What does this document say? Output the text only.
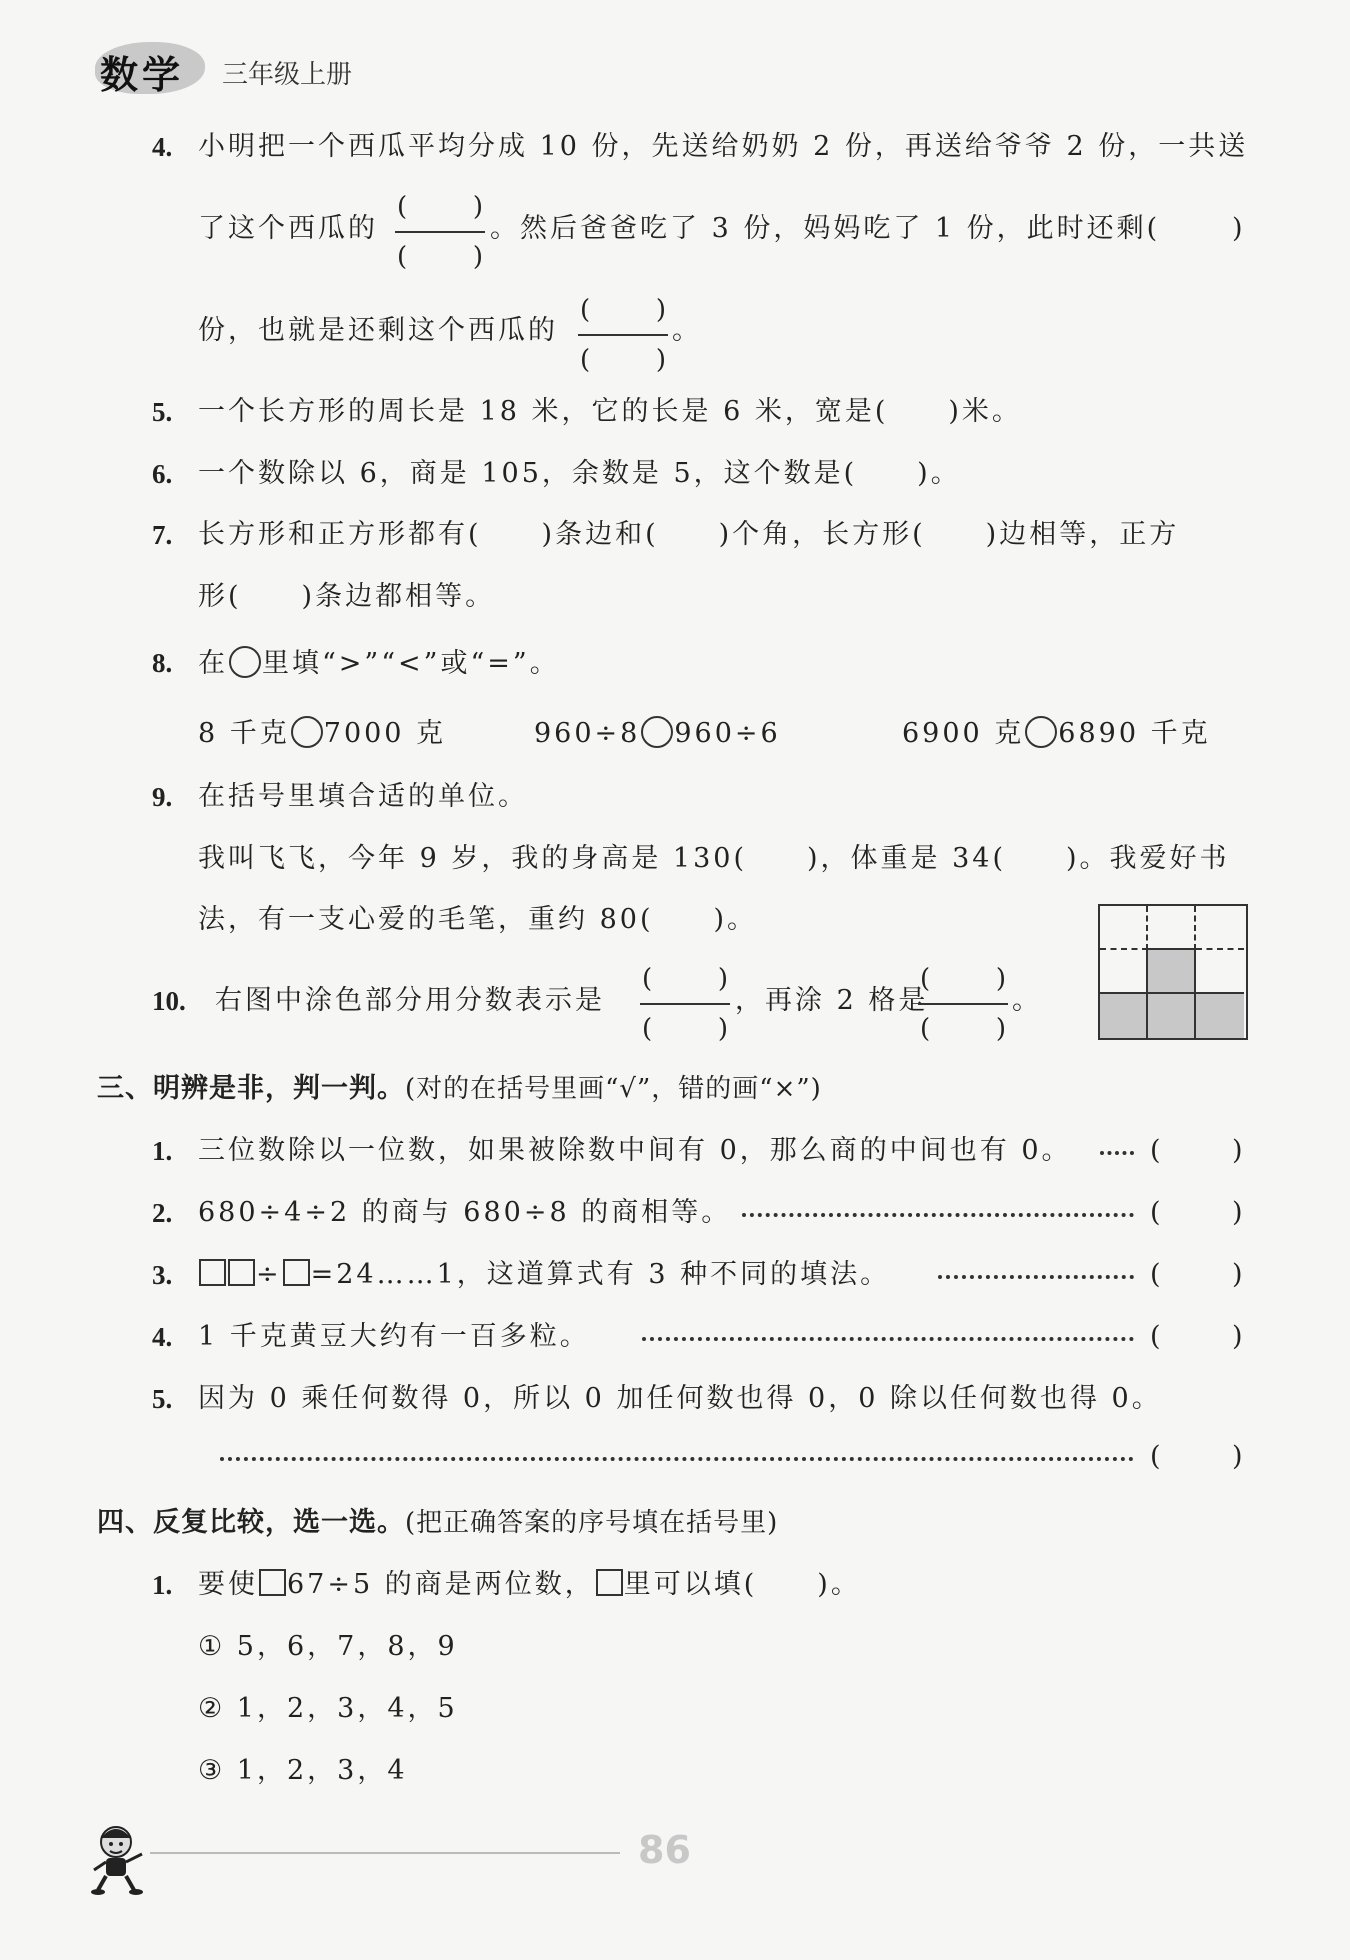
数学 三年级上册
4. 小明把一个西瓜平均分成 10 份，先送给奶奶 2 份，再送给爷爷 2 份，一共送
了这个西瓜的
(	)
(	)
。然后爸爸吃了 3 份，妈妈吃了 1 份，此时还剩(	)
份，也就是还剩这个西瓜的
(	)
(	)
。
5. 一个长方形的周长是 18 米，它的长是 6 米，宽是(　　)米。
6. 一个数除以 6，商是 105，余数是 5，这个数是(　　)。
7. 长方形和正方形都有(　　)条边和(　　)个角，长方形(　　)边相等，正方
形(　　)条边都相等。
8. 在 里填“>”“<”或“=”。
8 千克 7000 克	960÷8 960÷6	6900 克 6890 千克
9. 在括号里填合适的单位。
我叫飞飞，今年 9 岁，我的身高是 130(　　)，体重是 34(　　)。我爱好书
法，有一支心爱的毛笔，重约 80(　　)。
10. 右图中涂色部分用分数表示是
(	)
(	)
，再涂 2 格是
(	)
(	)
。
三、明辨是非，判一判。(对的在括号里画“√”，错的画“×”)
1. 三位数除以一位数，如果被除数中间有 0，那么商的中间也有 0。	(	)
2. 680÷4÷2 的商与 680÷8 的商相等。	(	)
3.	÷ =24……1，这道算式有 3 种不同的填法。	(	)
4. 1 千克黄豆大约有一百多粒。	(	)
5. 因为 0 乘任何数得 0，所以 0 加任何数也得 0，0 除以任何数也得 0。
(	)
四、反复比较，选一选。(把正确答案的序号填在括号里)
1. 要使 67÷5 的商是两位数， 里可以填(　　)。
① 5，6，7，8，9
② 1，2，3，4，5
③ 1，2，3，4
86
